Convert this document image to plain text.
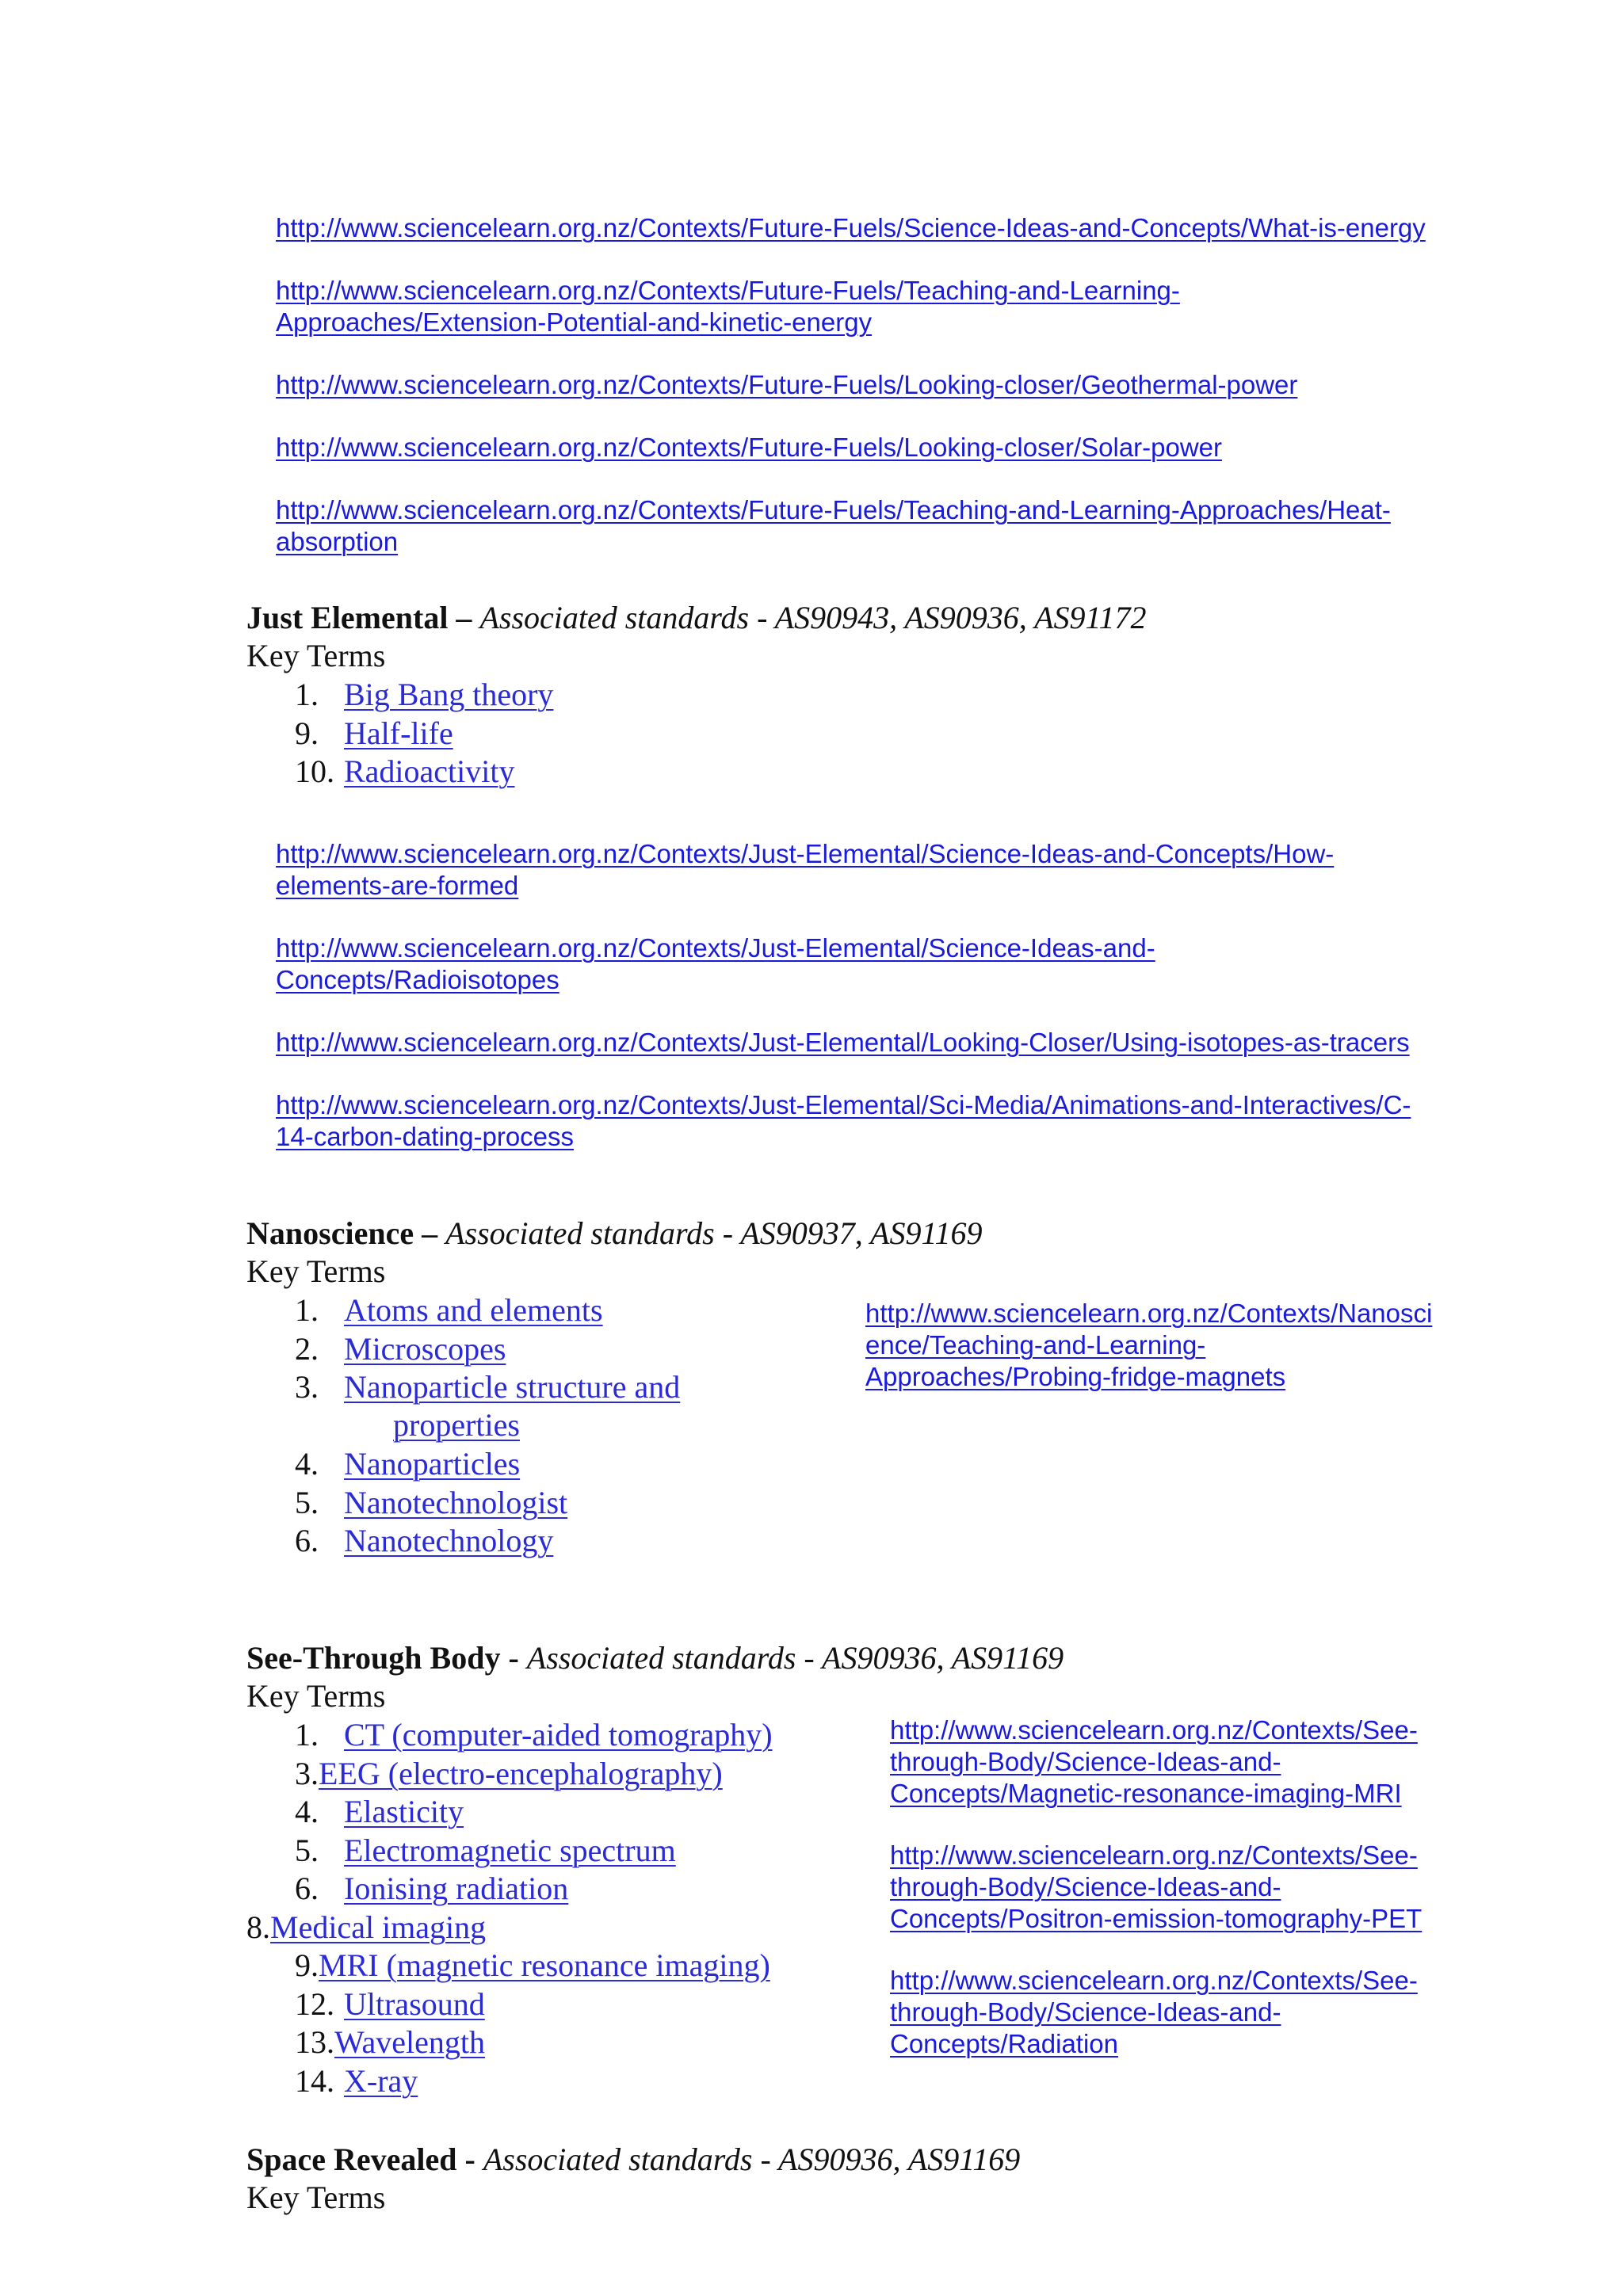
http://www.sciencelearn.org.nz/Contexts/Future-Fuels/Science-Ideas-and-Concepts/What-is-energy
http://www.sciencelearn.org.nz/Contexts/Future-Fuels/Teaching-and-Learning-
Approaches/Extension-Potential-and-kinetic-energy
http://www.sciencelearn.org.nz/Contexts/Future-Fuels/Looking-closer/Geothermal-power
http://www.sciencelearn.org.nz/Contexts/Future-Fuels/Looking-closer/Solar-power
http://www.sciencelearn.org.nz/Contexts/Future-Fuels/Teaching-and-Learning-Approaches/Heat-
absorption
Just Elemental – Associated standards - AS90943, AS90936, AS91172
Key Terms
1. Big Bang theory
9. Half-life
10. Radioactivity
http://www.sciencelearn.org.nz/Contexts/Just-Elemental/Science-Ideas-and-Concepts/How-
elements-are-formed
http://www.sciencelearn.org.nz/Contexts/Just-Elemental/Science-Ideas-and-
Concepts/Radioisotopes
http://www.sciencelearn.org.nz/Contexts/Just-Elemental/Looking-Closer/Using-isotopes-as-tracers
http://www.sciencelearn.org.nz/Contexts/Just-Elemental/Sci-Media/Animations-and-Interactives/C-
14-carbon-dating-process
Nanoscience – Associated standards - AS90937, AS91169
Key Terms
1. Atoms and elements
2. Microscopes
3. Nanoparticle structure and
properties
4. Nanoparticles
5. Nanotechnologist
6. Nanotechnology
http://www.sciencelearn.org.nz/Contexts/Nanosci
ence/Teaching-and-Learning-
Approaches/Probing-fridge-magnets
See-Through Body - Associated standards - AS90936, AS91169
Key Terms
1. CT (computer-aided tomography)
3.EEG (electro-encephalography)
4. Elasticity
5. Electromagnetic spectrum
6. Ionising radiation
8.Medical imaging
9.MRI (magnetic resonance imaging)
12. Ultrasound
13.Wavelength
14. X-ray
http://www.sciencelearn.org.nz/Contexts/See-
through-Body/Science-Ideas-and-
Concepts/Magnetic-resonance-imaging-MRI
http://www.sciencelearn.org.nz/Contexts/See-
through-Body/Science-Ideas-and-
Concepts/Positron-emission-tomography-PET
http://www.sciencelearn.org.nz/Contexts/See-
through-Body/Science-Ideas-and-
Concepts/Radiation
Space Revealed - Associated standards - AS90936, AS91169
Key Terms
